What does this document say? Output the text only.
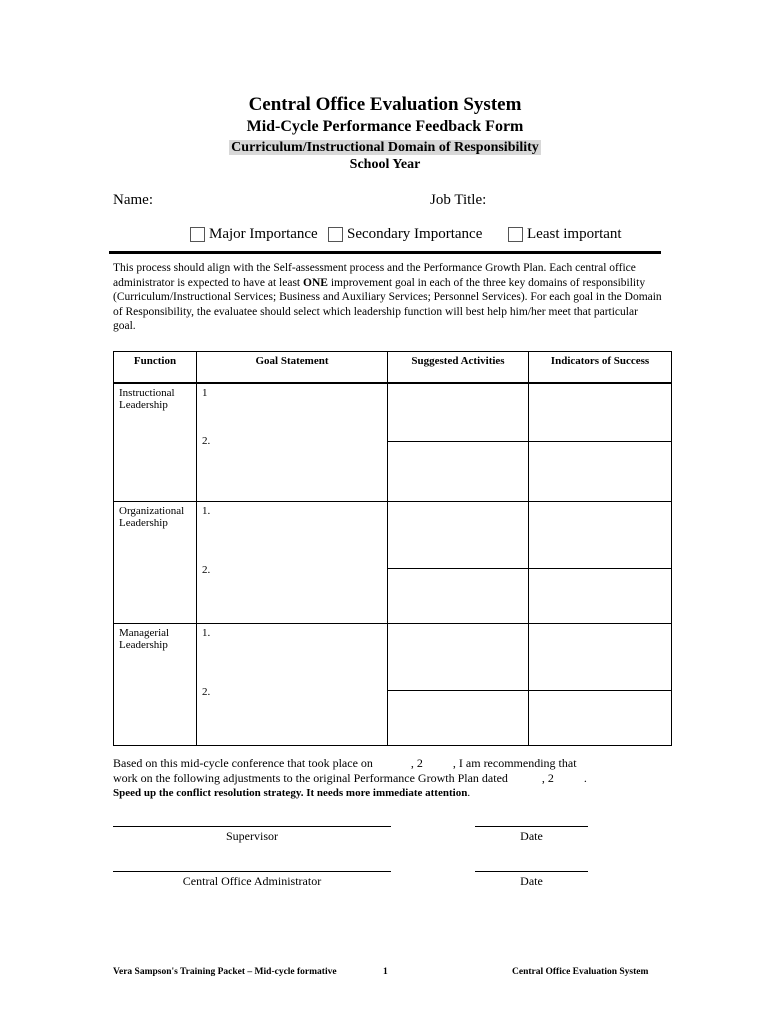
Central Office Evaluation System
Mid-Cycle Performance Feedback Form
Curriculum/Instructional Domain of Responsibility
School Year
Name:	Job Title:
Major Importance Secondary Importance	Least important
This process should align with the Self-assessment process and the Performance Growth Plan. Each central office administrator is expected to have at least ONE improvement goal in each of the three key domains of responsibility (Curriculum/Instructional Services; Business and Auxiliary Services; Personnel Services). For each goal in the Domain of Responsibility, the evaluatee should select which leadership function will best help him/her meet that particular goal.
Function	Goal Statement	Suggested Activities	Indicators of Success
Instructional Leadership	1
2.		

Organizational Leadership	1.
2.		

Managerial Leadership	1.
2.		

Based on this mid-cycle conference that took place on	, 2	, I am recommending that
work on the following adjustments to the original Performance Growth Plan dated	, 2	.
Speed up the conflict resolution strategy. It needs more immediate attention.
Supervisor	Date
Central Office Administrator	Date
Vera Sampson's Training Packet – Mid-cycle formative	1	Central Office Evaluation System
